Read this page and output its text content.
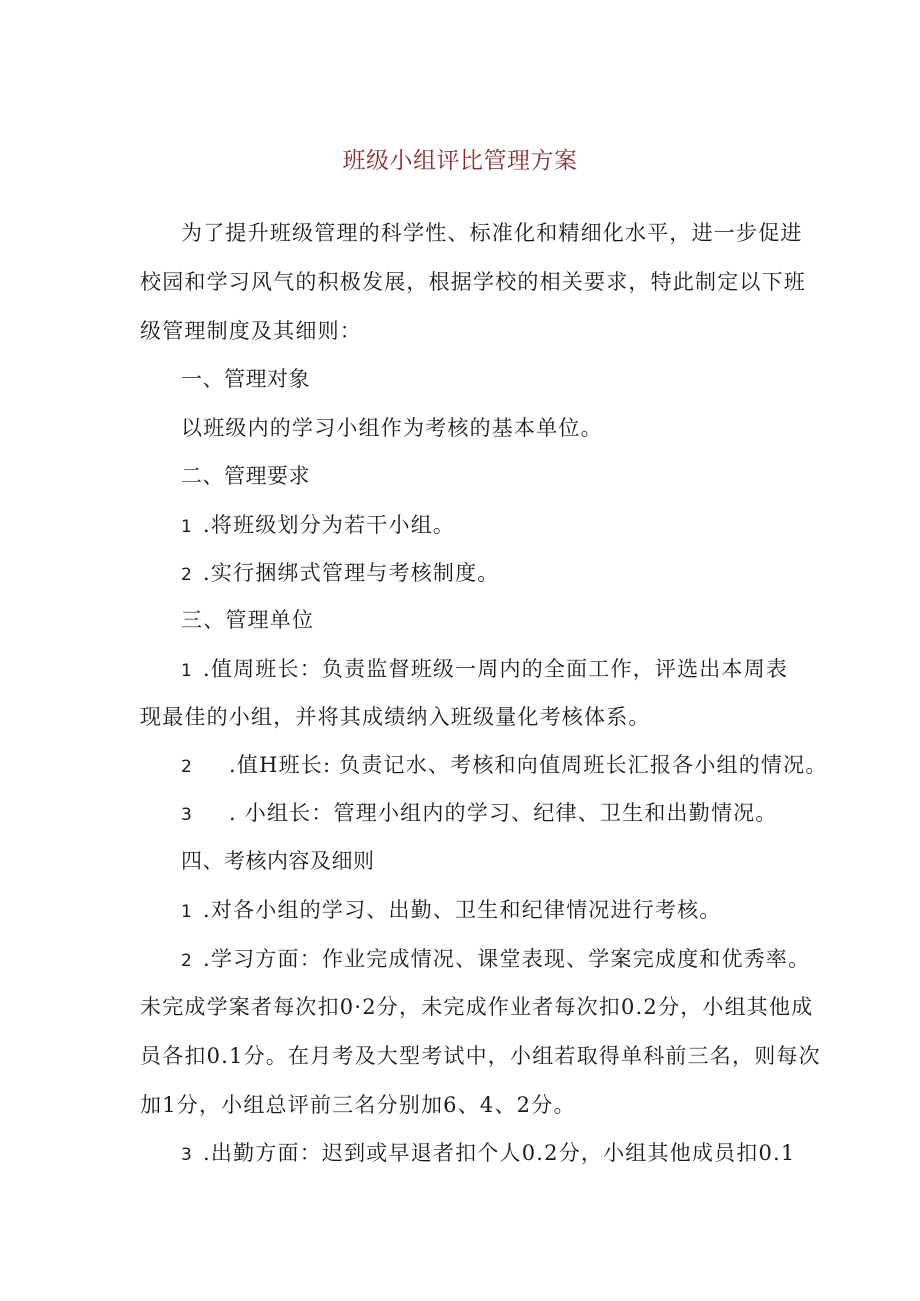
班级小组评比管理方案
为了提升班级管理的科学性、标准化和精细化水平，进一步促进
校园和学习风气的积极发展，根据学校的相关要求，特此制定以下班
级管理制度及其细则：
一、管理对象
以班级内的学习小组作为考核的基本单位。
二、管理要求
1 .将班级划分为若干小组。
2 .实行捆绑式管理与考核制度。
三、管理单位
1 .值周班长：负责监督班级一周内的全面工作，评选出本周表
现最佳的小组，并将其成绩纳入班级量化考核体系。
2 .值H班长: 负责记水、考核和向值周班长汇报各小组的情况。
3 . 小组长：管理小组内的学习、纪律、卫生和出勤情况。
四、考核内容及细则
1 .对各小组的学习、出勤、卫生和纪律情况进行考核。
2 .学习方面：作业完成情况、课堂表现、学案完成度和优秀率。
未完成学案者每次扣0·2分，未完成作业者每次扣0.2分，小组其他成
员各扣0.1分。在月考及大型考试中，小组若取得单科前三名，则每次
加1分，小组总评前三名分别加6、4、2分。
3 .出勤方面：迟到或早退者扣个人0.2分，小组其他成员扣0.1
